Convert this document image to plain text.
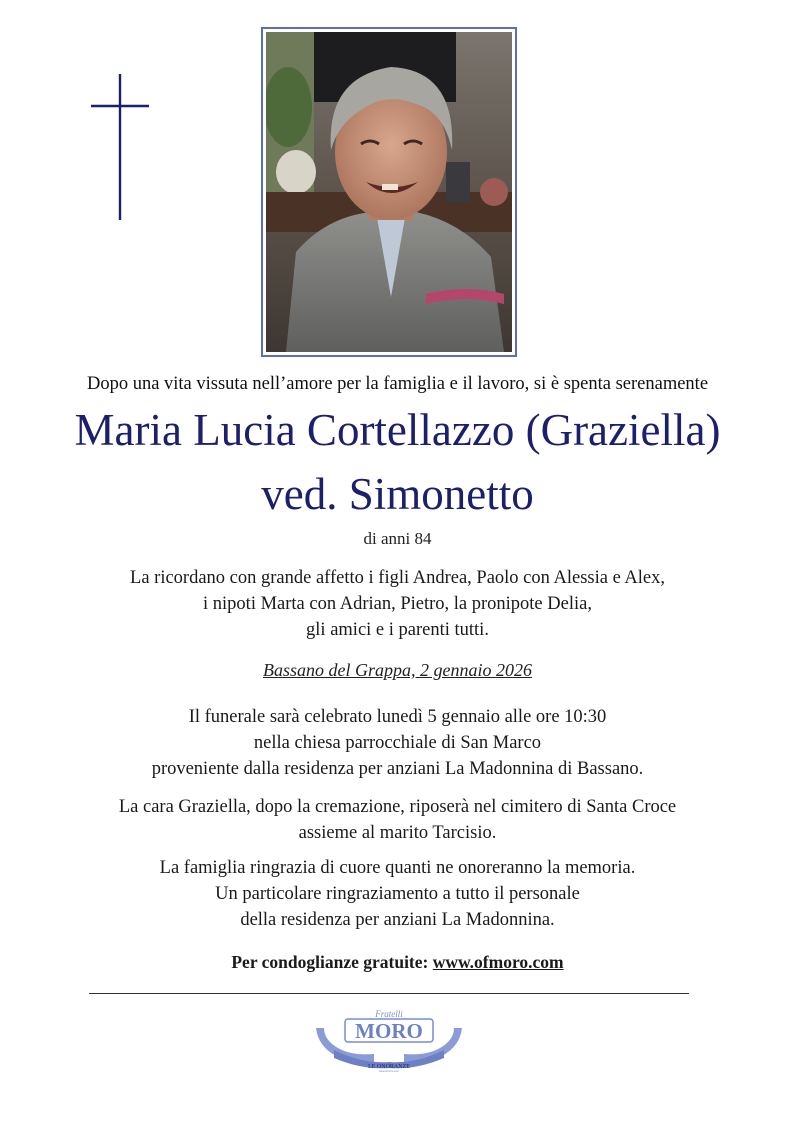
Dopo una vita vissuta nell’amore per la famiglia e il lavoro, si è spenta serenamente
Maria Lucia Cortellazzo (Graziella)
ved. Simonetto
di anni 84
La ricordano con grande affetto i figli Andrea, Paolo con Alessia e Alex,
i nipoti Marta con Adrian, Pietro, la pronipote Delia,
gli amici e i parenti tutti.
Bassano del Grappa, 2 gennaio 2026
Il funerale sarà celebrato lunedì 5 gennaio alle ore 10:30
nella chiesa parrocchiale di San Marco
proveniente dalla residenza per anziani La Madonnina di Bassano.
La cara Graziella, dopo la cremazione, riposerà nel cimitero di Santa Croce
assieme al marito Tarcisio.
La famiglia ringrazia di cuore quanti ne onoreranno la memoria.
Un particolare ringraziamento a tutto il personale
della residenza per anziani La Madonnina.
Per condoglianze gratuite: www.ofmoro.com
Fratelli
MORO
LE ONORANZE
www.ofmoro.com
